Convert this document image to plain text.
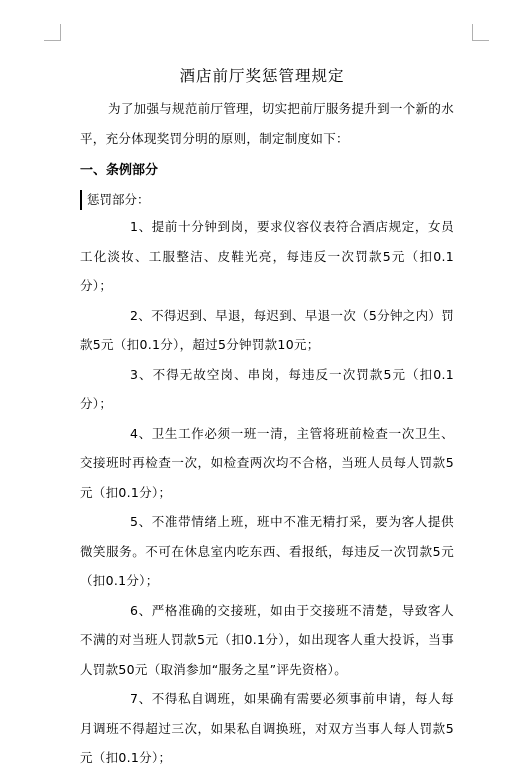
酒店前厅奖惩管理规定
为了加强与规范前厅管理，切实把前厅服务提升到一个新的水平，充分体现奖罚分明的原则，制定制度如下：
一、条例部分
惩罚部分：

1、提前十分钟到岗，要求仪容仪表符合酒店规定，女员工化淡妆、工服整洁、皮鞋光亮，每违反一次罚款5元（扣0.1分）；

2、不得迟到、早退，每迟到、早退一次（5分钟之内）罚款5元（扣0.1分），超过5分钟罚款10元；

3、不得无故空岗、串岗，每违反一次罚款5元（扣0.1分）；

4、卫生工作必须一班一清，主管将班前检查一次卫生、交接班时再检查一次，如检查两次均不合格，当班人员每人罚款5元（扣0.1分）；

5、不准带情绪上班，班中不准无精打采，要为客人提供微笑服务。不可在休息室内吃东西、看报纸，每违反一次罚款5元（扣0.1分）；

6、严格准确的交接班，如由于交接班不清楚，导致客人不满的对当班人罚款5元（扣0.1分），如出现客人重大投诉，当事人罚款50元（取消参加“服务之星”评先资格）。

7、不得私自调班，如果确有需要必须事前申请，每人每月调班不得超过三次，如果私自调换班，对双方当事人每人罚款5元（扣0.1分）；
